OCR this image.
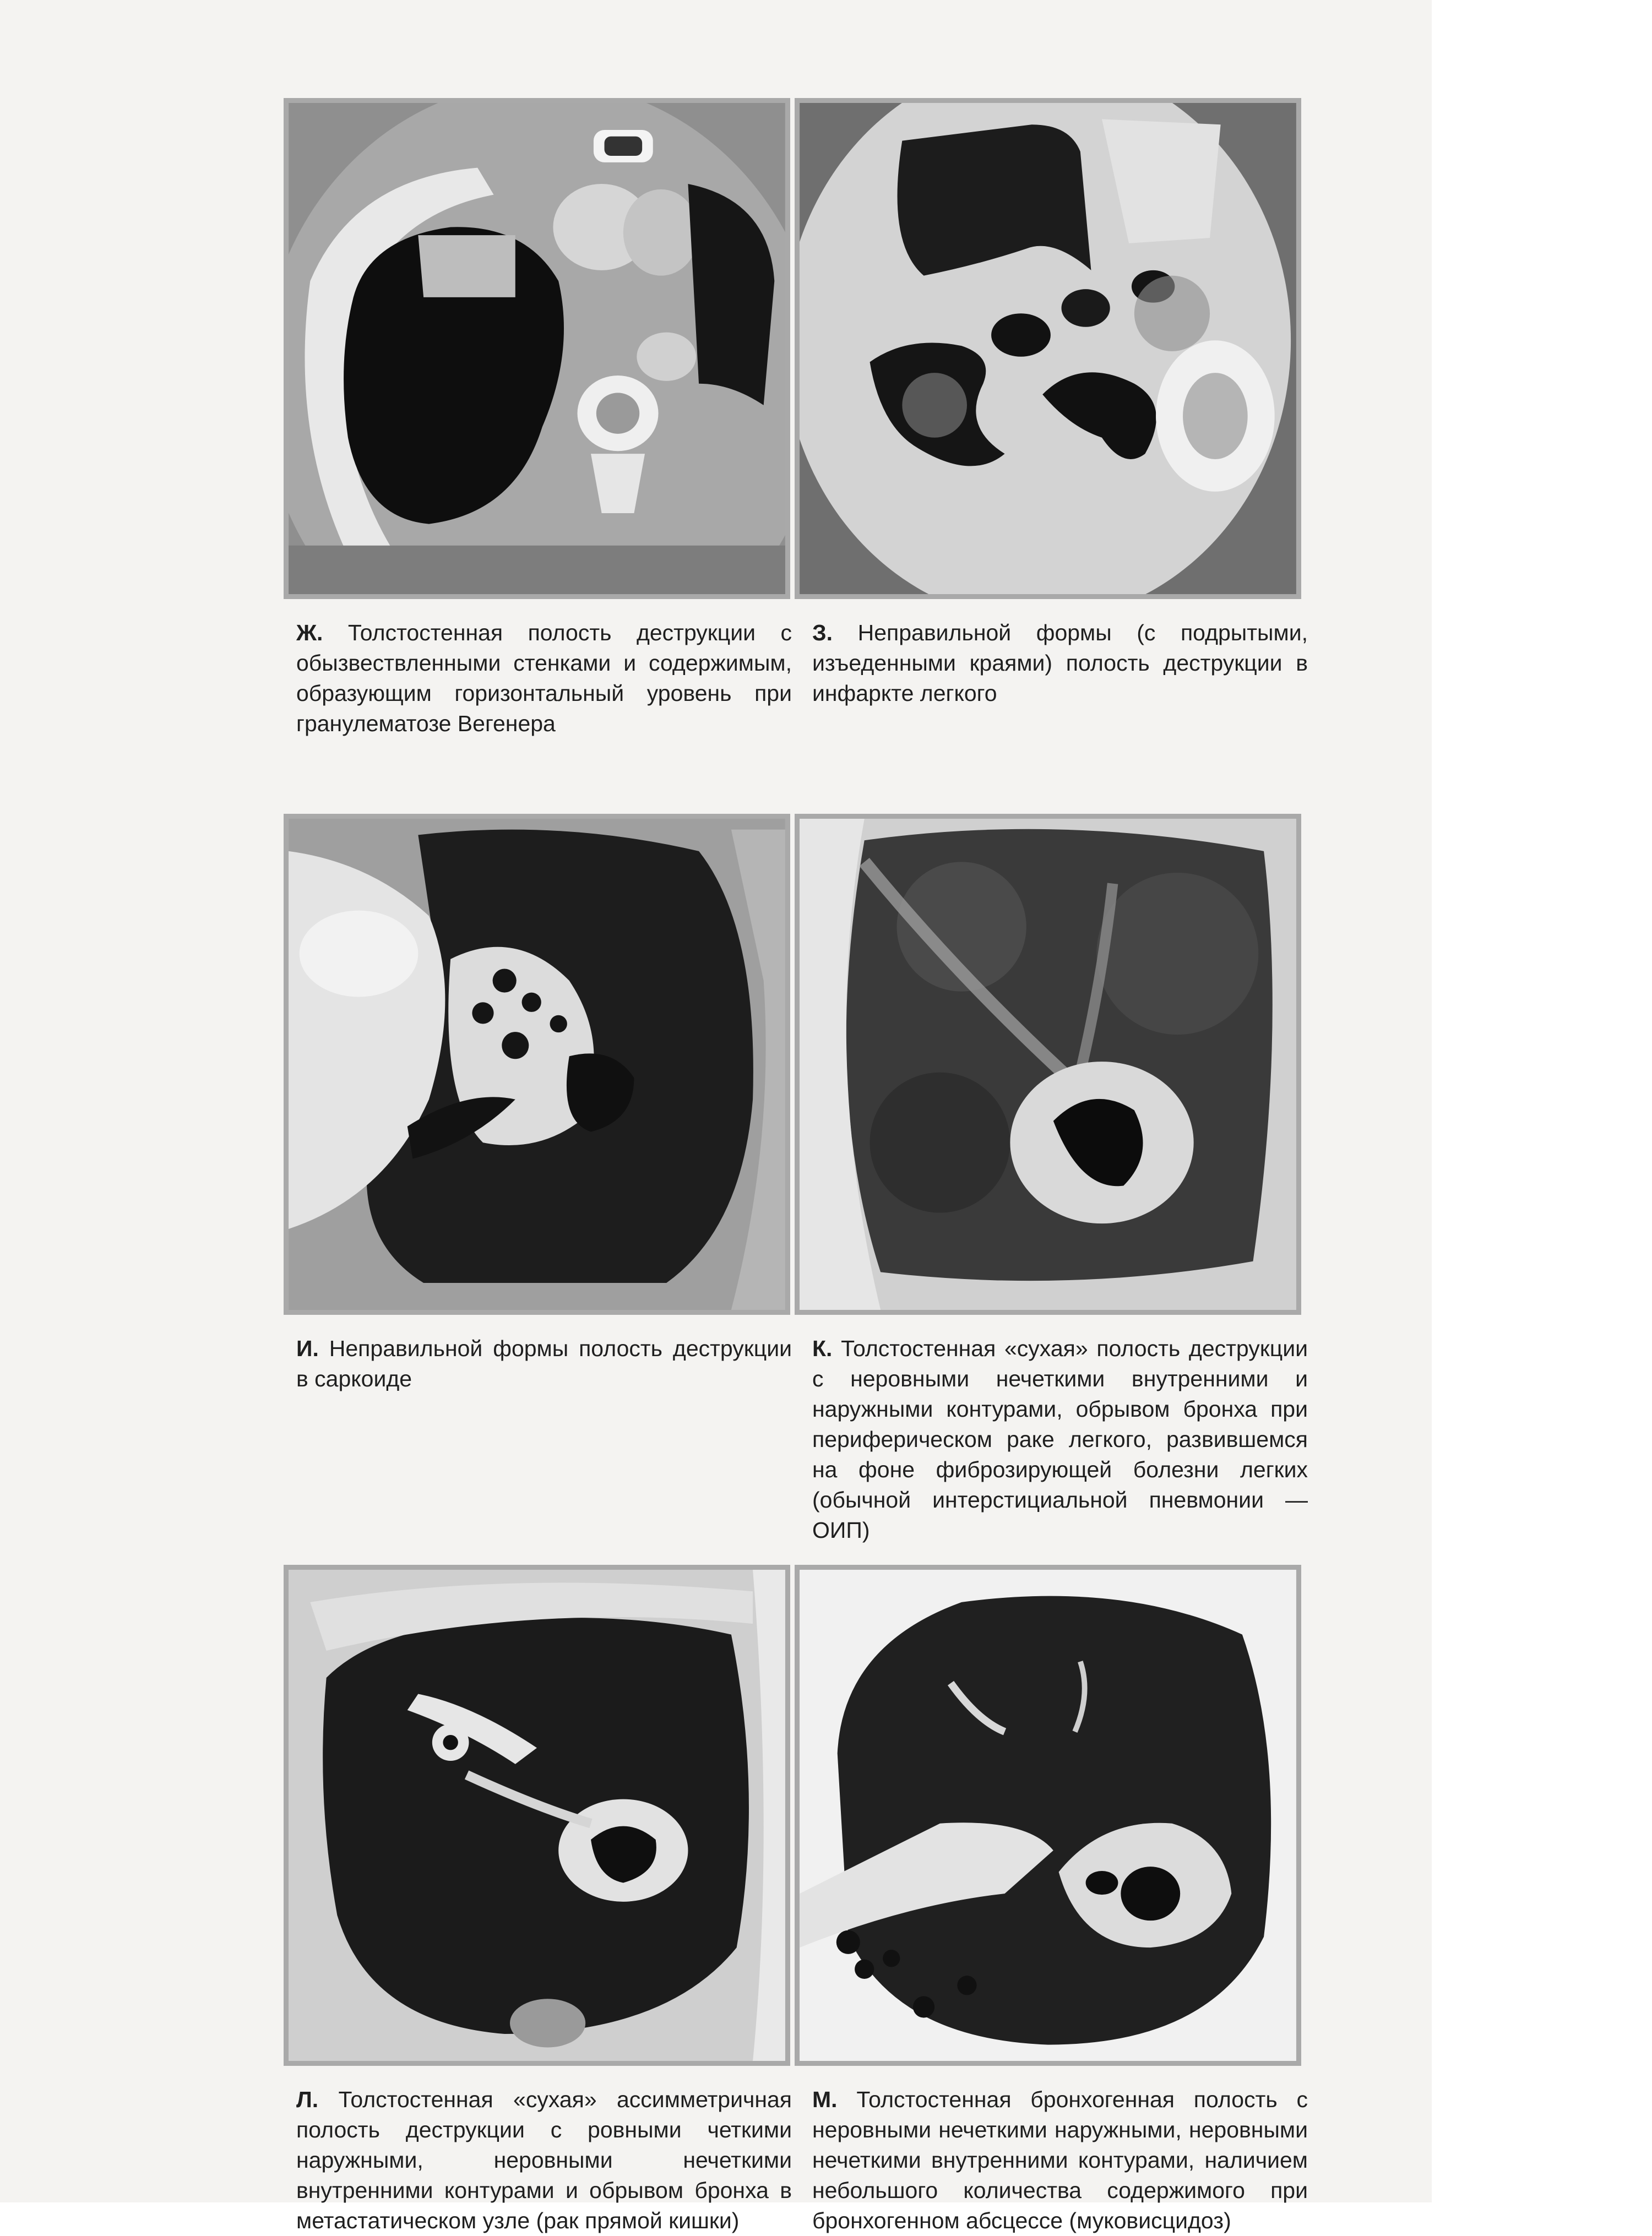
Ж. Толстостенная полость деструкции с обызвествленными стенками и содержимым, образующим горизонтальный уровень при гранулематозе Вегенера
З. Неправильной формы (с подрытыми, изъеденными краями) полость деструкции в инфаркте легкого
И. Неправильной формы полость деструкции в саркоиде
К. Толстостенная «сухая» полость деструкции с неровными нечеткими внутренними и наружными контурами, обрывом бронха при периферическом раке легкого, развившемся на фоне фиброзирующей болезни легких (обычной интерстициальной пневмонии — ОИП)
Л. Толстостенная «сухая» ассимметричная полость деструкции с ровными четкими наружными, неровными нечеткими внутренними контурами и обрывом бронха в метастатическом узле (рак прямой кишки)
М. Толстостенная бронхогенная полость с неровными нечеткими наружными, неровными нечеткими внутренними контурами, наличием небольшого количества содержимого при бронхогенном абсцессе (муковисцидоз)
